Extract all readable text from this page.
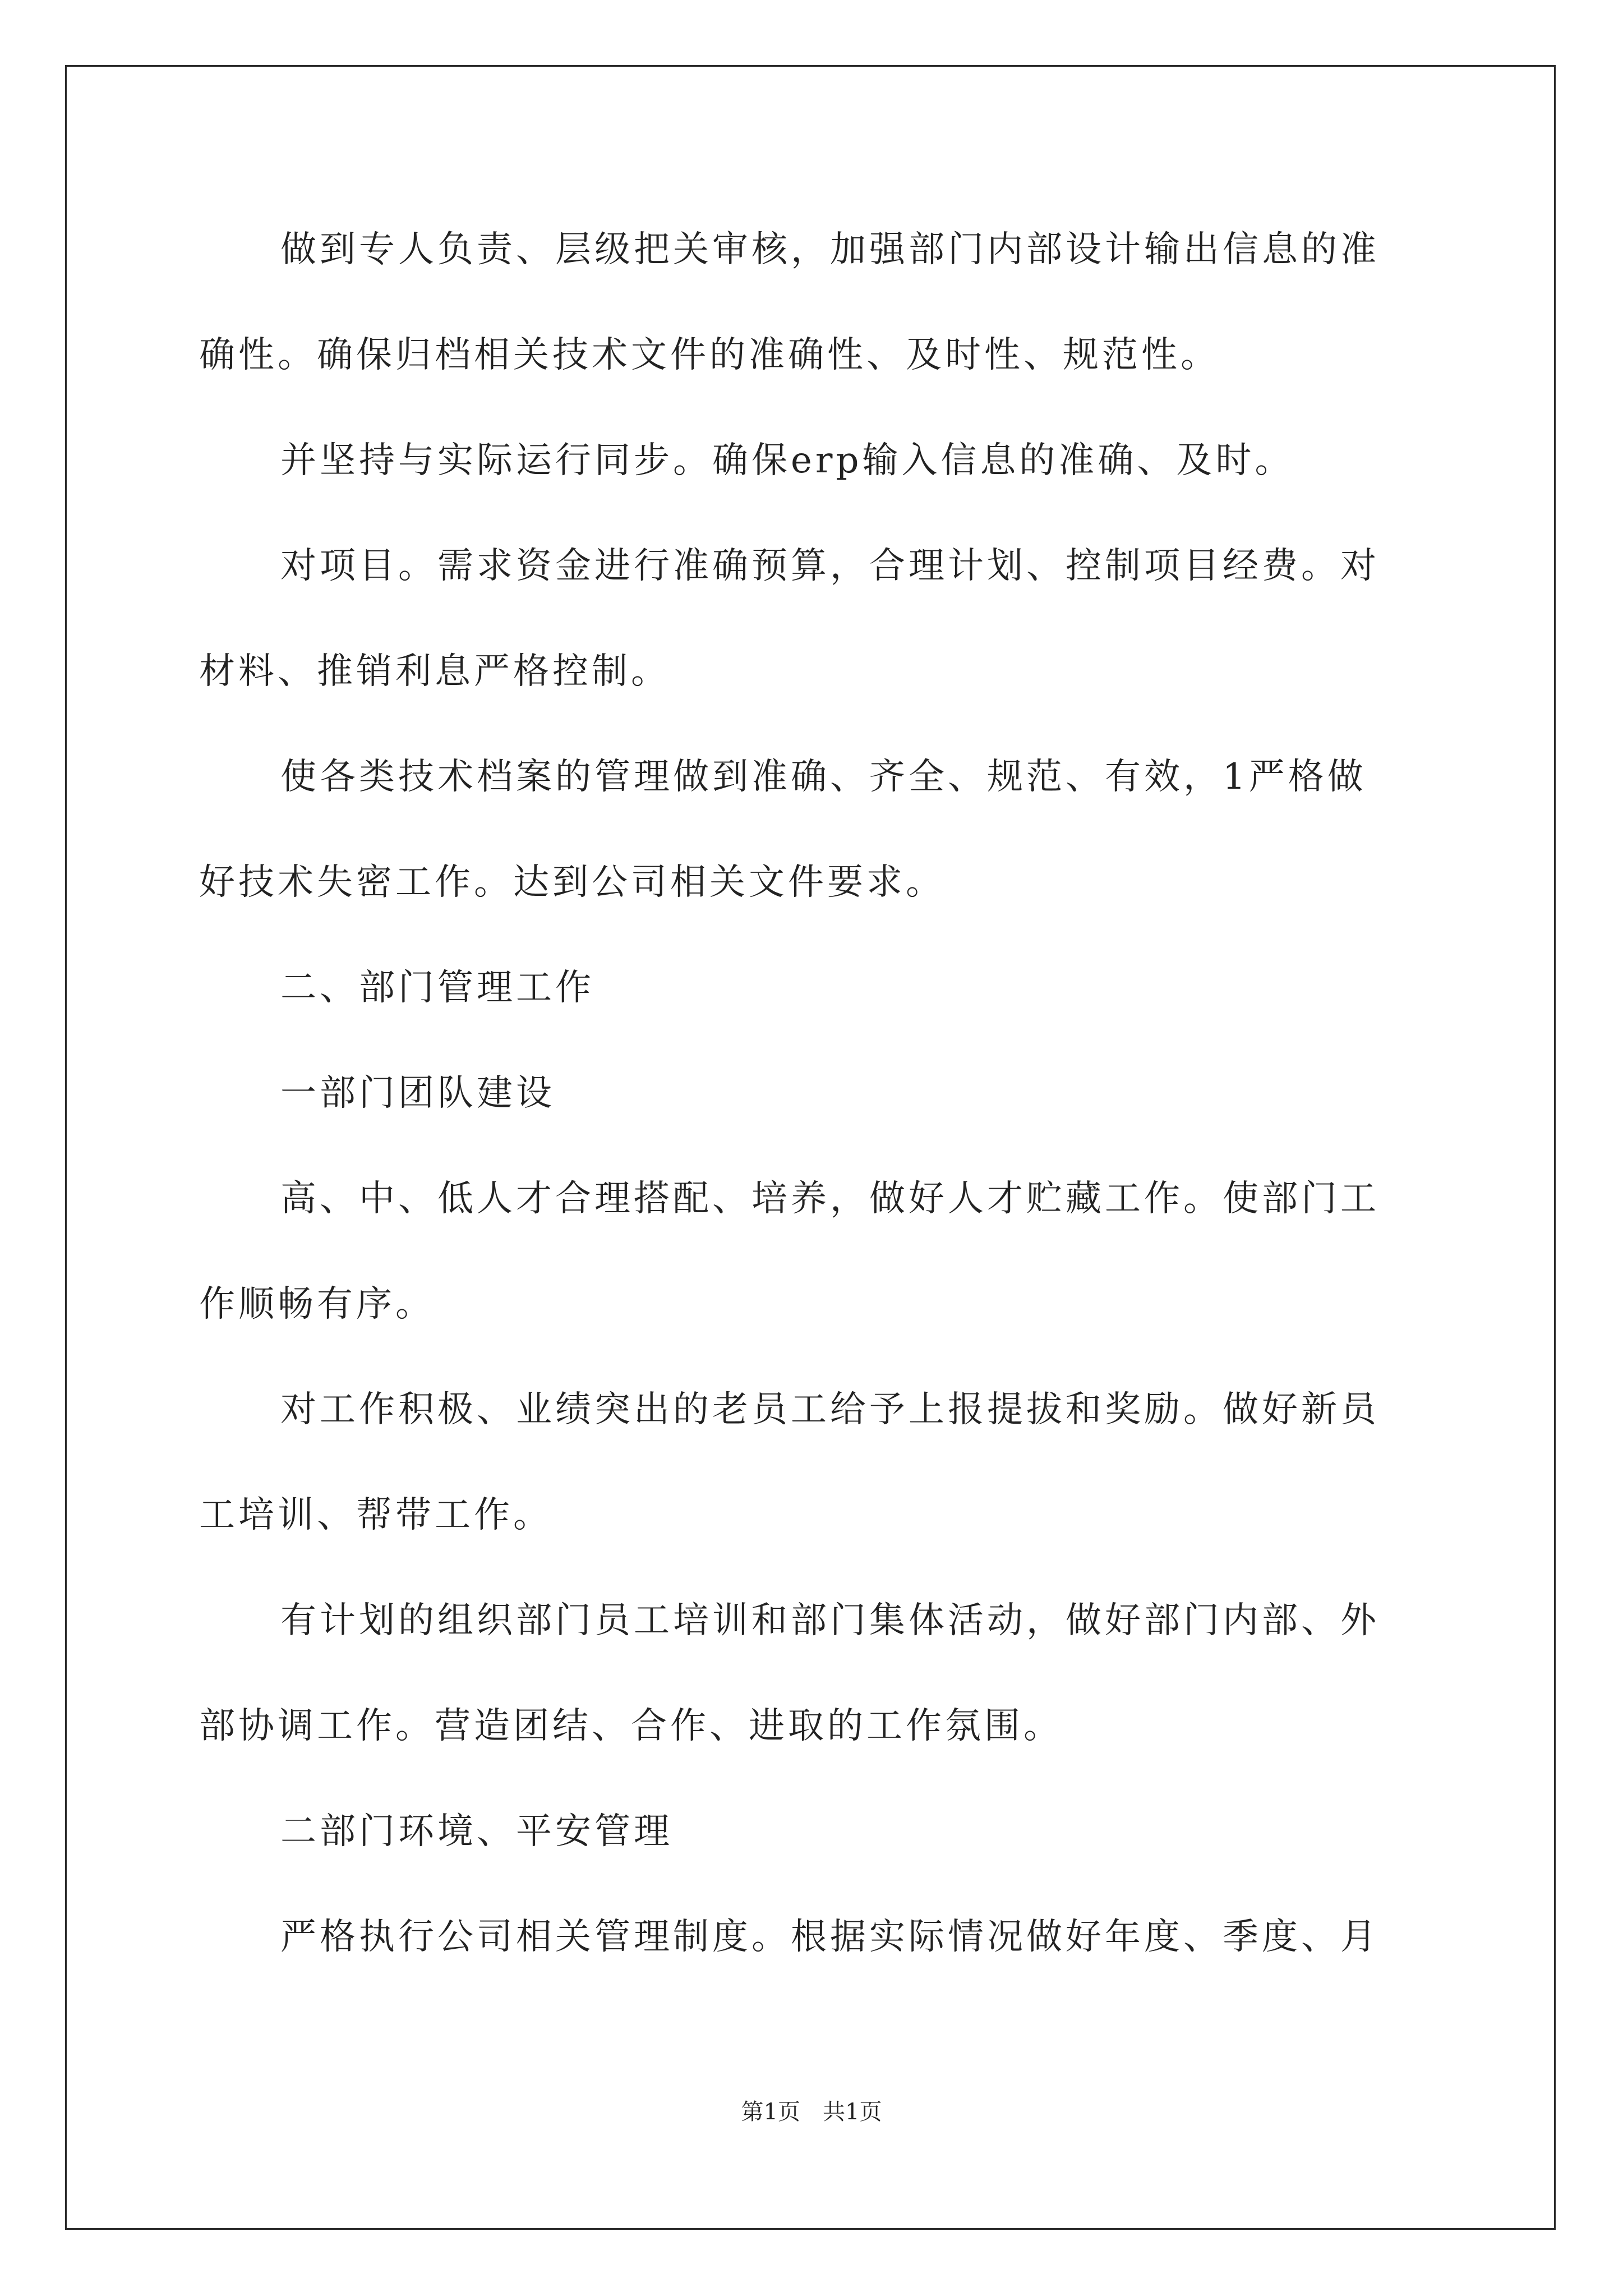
做到专人负责、层级把关审核，加强部门内部设计输出信息的准
确性。确保归档相关技术文件的准确性、及时性、规范性。
并坚持与实际运行同步。确保erp输入信息的准确、及时。
对项目。需求资金进行准确预算，合理计划、控制项目经费。对
材料、推销利息严格控制。
使各类技术档案的管理做到准确、齐全、规范、有效，1严格做
好技术失密工作。达到公司相关文件要求。
二、部门管理工作
一部门团队建设
高、中、低人才合理搭配、培养，做好人才贮藏工作。使部门工
作顺畅有序。
对工作积极、业绩突出的老员工给予上报提拔和奖励。做好新员
工培训、帮带工作。
有计划的组织部门员工培训和部门集体活动，做好部门内部、外
部协调工作。营造团结、合作、进取的工作氛围。
二部门环境、平安管理
严格执行公司相关管理制度。根据实际情况做好年度、季度、月
第1页　共1页
